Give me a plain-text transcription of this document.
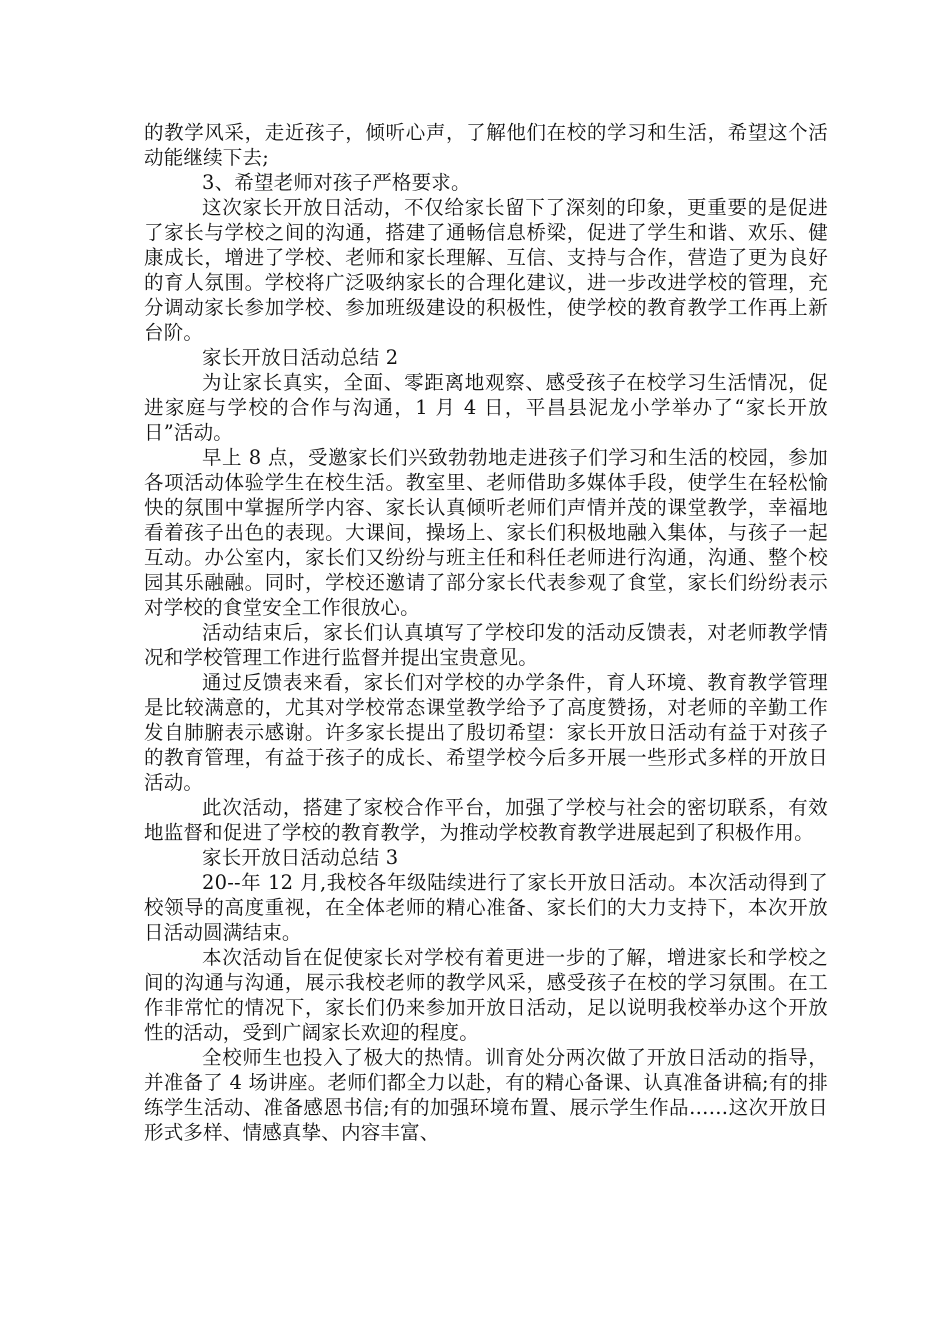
的教学风采，走近孩子，倾听心声，了解他们在校的学习和生活，希望这个活动能继续下去;

3、希望老师对孩子严格要求。

这次家长开放日活动，不仅给家长留下了深刻的印象，更重要的是促进了家长与学校之间的沟通，搭建了通畅信息桥梁，促进了学生和谐、欢乐、健康成长，增进了学校、老师和家长理解、互信、支持与合作，营造了更为良好的育人氛围。学校将广泛吸纳家长的合理化建议，进一步改进学校的管理，充分调动家长参加学校、参加班级建设的积极性，使学校的教育教学工作再上新台阶。

家长开放日活动总结 2

为让家长真实，全面、零距离地观察、感受孩子在校学习生活情况，促进家庭与学校的合作与沟通，1 月 4 日，平昌县泥龙小学举办了“家长开放日”活动。

早上 8 点，受邀家长们兴致勃勃地走进孩子们学习和生活的校园，参加各项活动体验学生在校生活。教室里、老师借助多媒体手段，使学生在轻松愉快的氛围中掌握所学内容、家长认真倾听老师们声情并茂的课堂教学，幸福地看着孩子出色的表现。大课间，操场上、家长们积极地融入集体，与孩子一起互动。办公室内，家长们又纷纷与班主任和科任老师进行沟通，沟通、整个校园其乐融融。同时，学校还邀请了部分家长代表参观了食堂，家长们纷纷表示对学校的食堂安全工作很放心。

活动结束后，家长们认真填写了学校印发的活动反馈表，对老师教学情况和学校管理工作进行监督并提出宝贵意见。

通过反馈表来看，家长们对学校的办学条件，育人环境、教育教学管理是比较满意的，尤其对学校常态课堂教学给予了高度赞扬，对老师的辛勤工作发自肺腑表示感谢。许多家长提出了殷切希望：家长开放日活动有益于对孩子的教育管理，有益于孩子的成长、希望学校今后多开展一些形式多样的开放日活动。

此次活动，搭建了家校合作平台，加强了学校与社会的密切联系，有效地监督和促进了学校的教育教学，为推动学校教育教学进展起到了积极作用。

家长开放日活动总结 3

20--年 12 月,我校各年级陆续进行了家长开放日活动。本次活动得到了校领导的高度重视，在全体老师的精心准备、家长们的大力支持下，本次开放日活动圆满结束。

本次活动旨在促使家长对学校有着更进一步的了解，增进家长和学校之间的沟通与沟通，展示我校老师的教学风采，感受孩子在校的学习氛围。在工作非常忙的情况下，家长们仍来参加开放日活动，足以说明我校举办这个开放性的活动，受到广阔家长欢迎的程度。

全校师生也投入了极大的热情。训育处分两次做了开放日活动的指导，并准备了 4 场讲座。老师们都全力以赴，有的精心备课、认真准备讲稿;有的排练学生活动、准备感恩书信;有的加强环境布置、展示学生作品……这次开放日形式多样、情感真挚、内容丰富、
